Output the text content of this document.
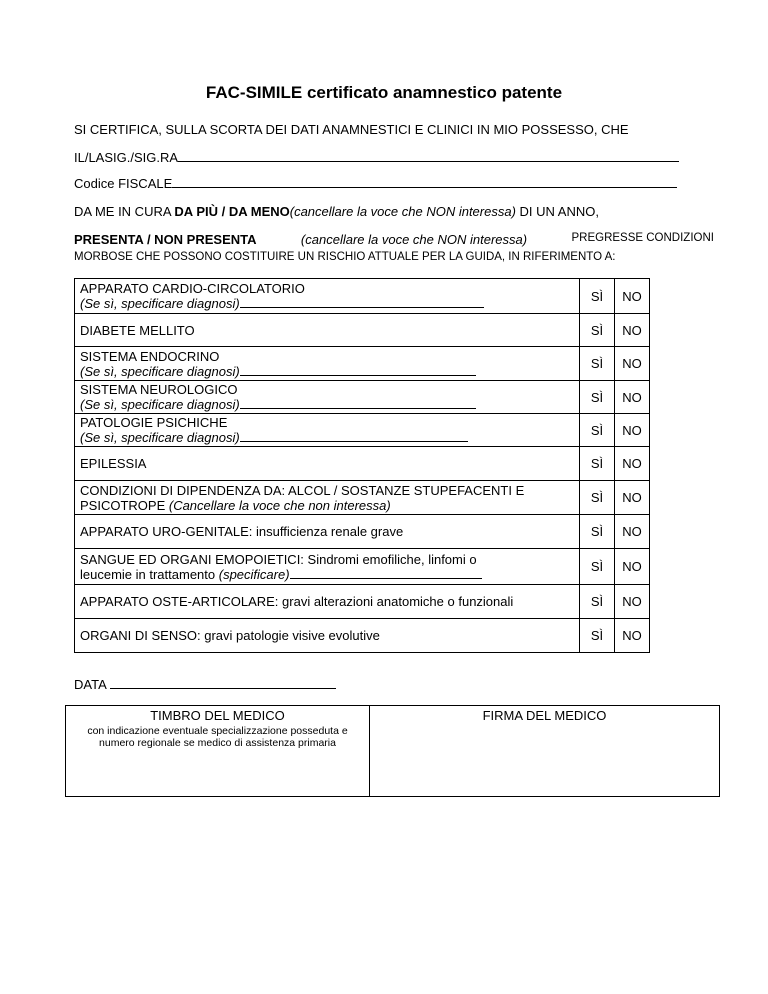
FAC-SIMILE certificato anamnestico patente
SI CERTIFICA, SULLA SCORTA DEI DATI ANAMNESTICI E CLINICI IN MIO POSSESSO, CHE
IL/LASIG./SIG.RA
Codice FISCALE
DA ME IN CURA DA PIÙ / DA MENO(cancellare la voce che NON interessa) DI UN ANNO,
PRESENTA / NON PRESENTA	(cancellare la voce che NON interessa)	PREGRESSE CONDIZIONI
MORBOSE CHE POSSONO COSTITUIRE UN RISCHIO ATTUALE PER LA GUIDA, IN RIFERIMENTO A:
APPARATO CARDIO-CIRCOLATORIO
(Se sì, specificare diagnosi)	SÌ	NO
DIABETE MELLITO	SÌ	NO

SISTEMA ENDOCRINO
(Se sì, specificare diagnosi)	SÌ	NO

SISTEMA NEUROLOGICO
(Se sì, specificare diagnosi)	SÌ	NO

PATOLOGIE PSICHICHE
(Se sì, specificare diagnosi)	SÌ	NO
EPILESSIA	SÌ	NO

CONDIZIONI DI DIPENDENZA DA: ALCOL / SOSTANZE STUPEFACENTI E
PSICOTROPE (Cancellare la voce che non interessa)	SÌ	NO
APPARATO URO-GENITALE: insufficienza renale grave	SÌ	NO

SANGUE ED ORGANI EMOPOIETICI: Sindromi emofiliche, linfomi o
leucemie in trattamento (specificare)	SÌ	NO
APPARATO OSTE-ARTICOLARE: gravi alterazioni anatomiche o funzionali	SÌ	NO
ORGANI DI SENSO: gravi patologie visive evolutive	SÌ	NO
DATA
TIMBRO DEL MEDICO
con indicazione eventuale specializzazione posseduta e
numero regionale se medico di assistenza primaria
FIRMA DEL MEDICO
